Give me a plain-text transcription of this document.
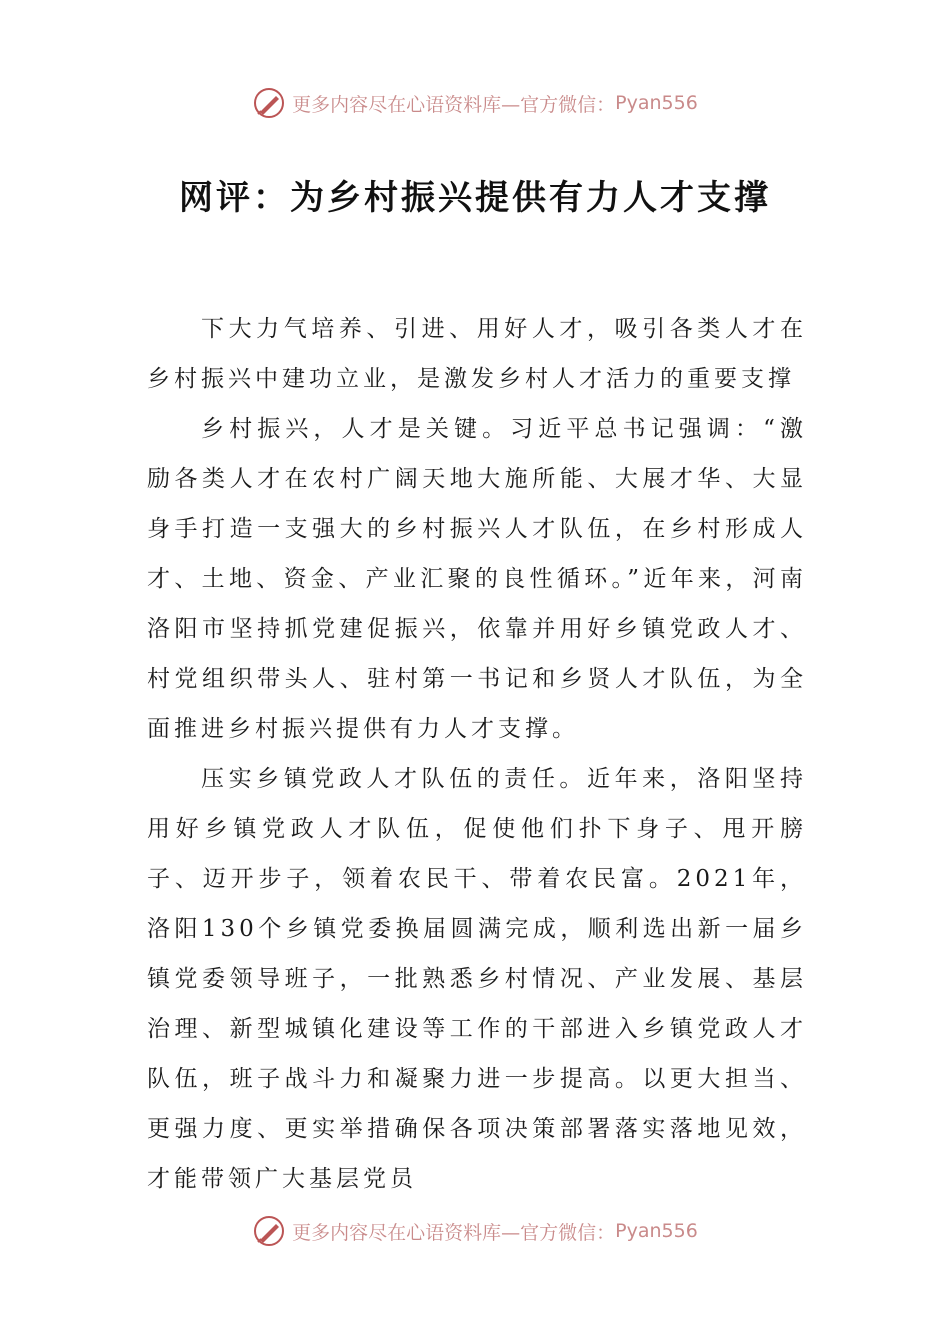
更多内容尽在心语资料库—官方微信： Pyan556
网评：为乡村振兴提供有力人才支撑

下大力气培养、引进、用好人才，吸引各类人才在乡村振兴中建功立业，是激发乡村人才活力的重要支撑

乡村振兴，人才是关键。习近平总书记强调：“激励各类人才在农村广阔天地大施所能、大展才华、大显身手打造一支强大的乡村振兴人才队伍，在乡村形成人才、土地、资金、产业汇聚的良性循环。”近年来，河南洛阳市坚持抓党建促振兴，依靠并用好乡镇党政人才、村党组织带头人、驻村第一书记和乡贤人才队伍，为全面推进乡村振兴提供有力人才支撑。

压实乡镇党政人才队伍的责任。近年来，洛阳坚持用好乡镇党政人才队伍，促使他们扑下身子、甩开膀子、迈开步子，领着农民干、带着农民富。2021年，洛阳130个乡镇党委换届圆满完成，顺利选出新一届乡镇党委领导班子，一批熟悉乡村情况、产业发展、基层治理、新型城镇化建设等工作的干部进入乡镇党政人才队伍，班子战斗力和凝聚力进一步提高。以更大担当、更强力度、更实举措确保各项决策部署落实落地见效，才能带领广大基层党员

更多内容尽在心语资料库—官方微信： Pyan556
